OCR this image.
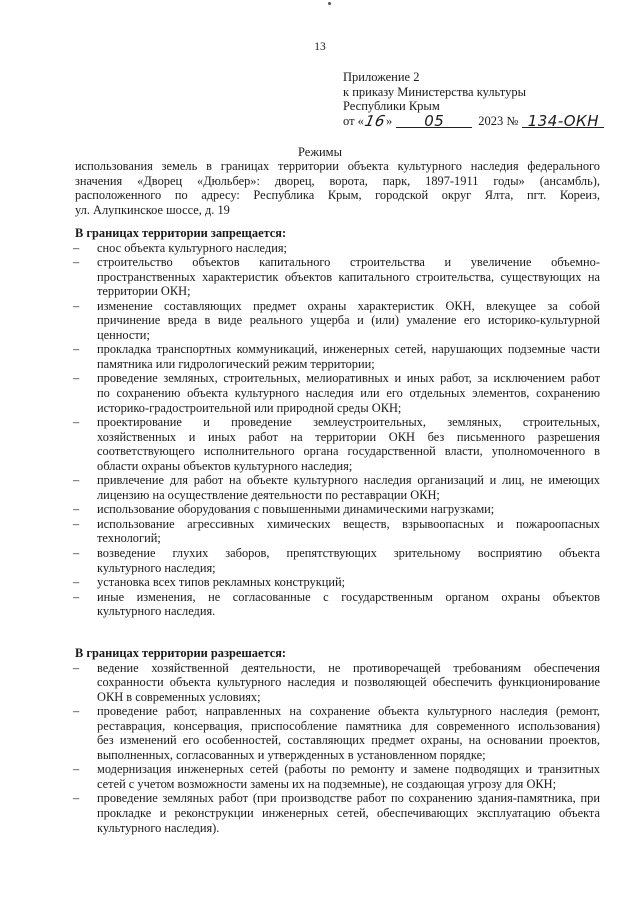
13
Приложение 2
к приказу Министерства культуры
Республики Крым
от « 16 »	05	2023 № 134-ОКН
Режимы
использования земель в границах территории объекта культурного наследия федерального
значения «Дворец «Дюльбер»: дворец, ворота, парк, 1897-1911 годы» (ансамбль),
расположенного по адресу: Республика Крым, городской округ Ялта, пгт. Кореиз,
ул. Алупкинское шоссе, д. 19
В границах территории запрещается:
– снос объекта культурного наследия;
– строительство объектов капитального строительства и увеличение объемно-
пространственных характеристик объектов капитального строительства, существующих на
территории ОКН;
– изменение составляющих предмет охраны характеристик ОКН, влекущее за собой
причинение вреда в виде реального ущерба и (или) умаление его историко-культурной
ценности;
– прокладка транспортных коммуникаций, инженерных сетей, нарушающих подземные части
памятника или гидрологический режим территории;
– проведение земляных, строительных, мелиоративных и иных работ, за исключением работ
по сохранению объекта культурного наследия или его отдельных элементов, сохранению
историко-градостроительной или природной среды ОКН;
– проектирование и проведение землеустроительных, земляных, строительных,
хозяйственных и иных работ на территории ОКН без письменного разрешения
соответствующего исполнительного органа государственной власти, уполномоченного в
области охраны объектов культурного наследия;
– привлечение для работ на объекте культурного наследия организаций и лиц, не имеющих
лицензию на осуществление деятельности по реставрации ОКН;
– использование оборудования с повышенными динамическими нагрузками;
– использование агрессивных химических веществ, взрывоопасных и пожароопасных
технологий;
– возведение глухих заборов, препятствующих зрительному восприятию объекта
культурного наследия;
– установка всех типов рекламных конструкций;
– иные изменения, не согласованные с государственным органом охраны объектов
культурного наследия.
В границах территории разрешается:
– ведение хозяйственной деятельности, не противоречащей требованиям обеспечения
сохранности объекта культурного наследия и позволяющей обеспечить функционирование
ОКН в современных условиях;
– проведение работ, направленных на сохранение объекта культурного наследия (ремонт,
реставрация, консервация, приспособление памятника для современного использования)
без изменений его особенностей, составляющих предмет охраны, на основании проектов,
выполненных, согласованных и утвержденных в установленном порядке;
– модернизация инженерных сетей (работы по ремонту и замене подводящих и транзитных
сетей с учетом возможности замены их на подземные), не создающая угрозу для ОКН;
– проведение земляных работ (при производстве работ по сохранению здания-памятника, при
прокладке и реконструкции инженерных сетей, обеспечивающих эксплуатацию объекта
культурного наследия).
